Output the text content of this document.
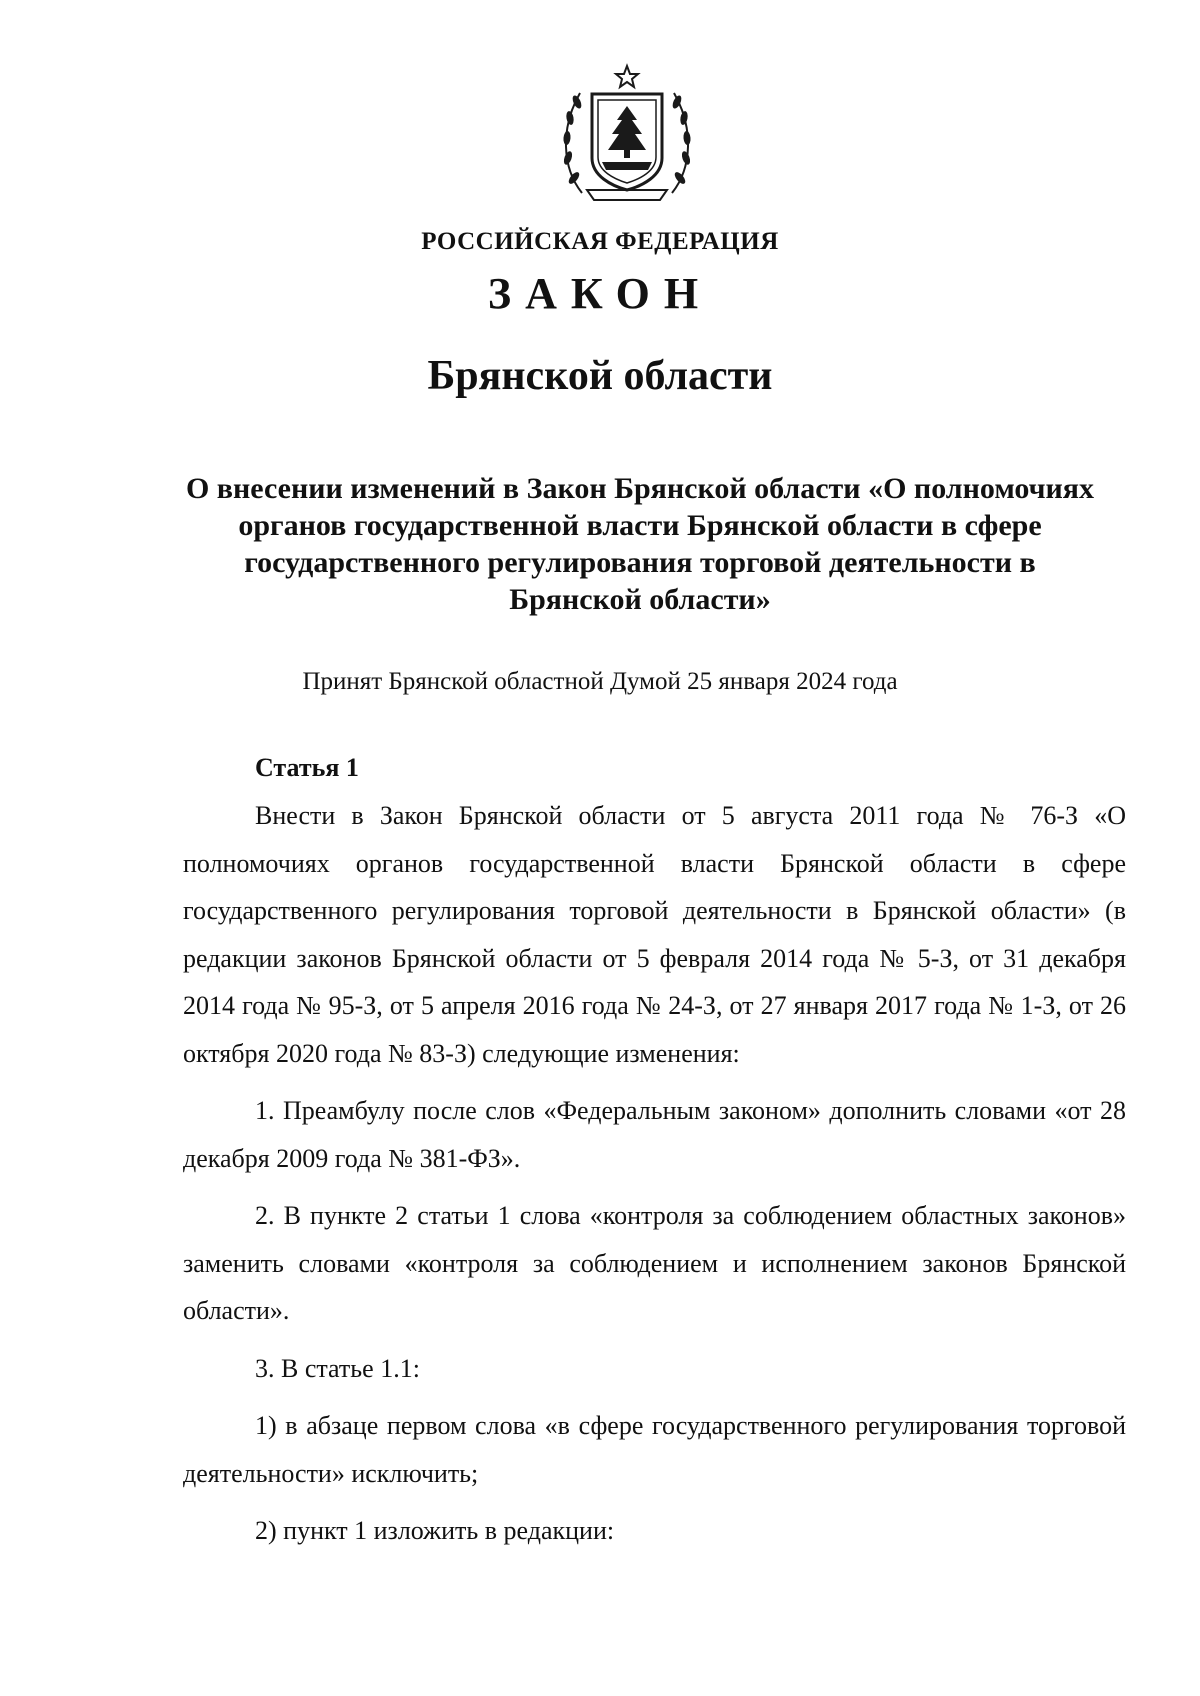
РОССИЙСКАЯ ФЕДЕРАЦИЯ
ЗАКОН
Брянской области
О внесении изменений в Закон Брянской области «О полномочиях органов государственной власти Брянской области в сфере государственного регулирования торговой деятельности в Брянской области»
Принят Брянской областной Думой 25 января 2024 года
Статья 1

Внести в Закон Брянской области от 5 августа 2011 года № 76-З «О полномочиях органов государственной власти Брянской области в сфере государственного регулирования торговой деятельности в Брянской области» (в редакции законов Брянской области от 5 февраля 2014 года № 5-З, от 31 декабря 2014 года № 95-З, от 5 апреля 2016 года № 24-З, от 27 января 2017 года № 1-З, от 26 октября 2020 года № 83-З) следующие изменения:

1. Преамбулу после слов «Федеральным законом» дополнить словами «от 28 декабря 2009 года № 381-ФЗ».

2. В пункте 2 статьи 1 слова «контроля за соблюдением областных законов» заменить словами «контроля за соблюдением и исполнением законов Брянской области».

3. В статье 1.1:

1) в абзаце первом слова «в сфере государственного регулирования торговой деятельности» исключить;

2) пункт 1 изложить в редакции:
